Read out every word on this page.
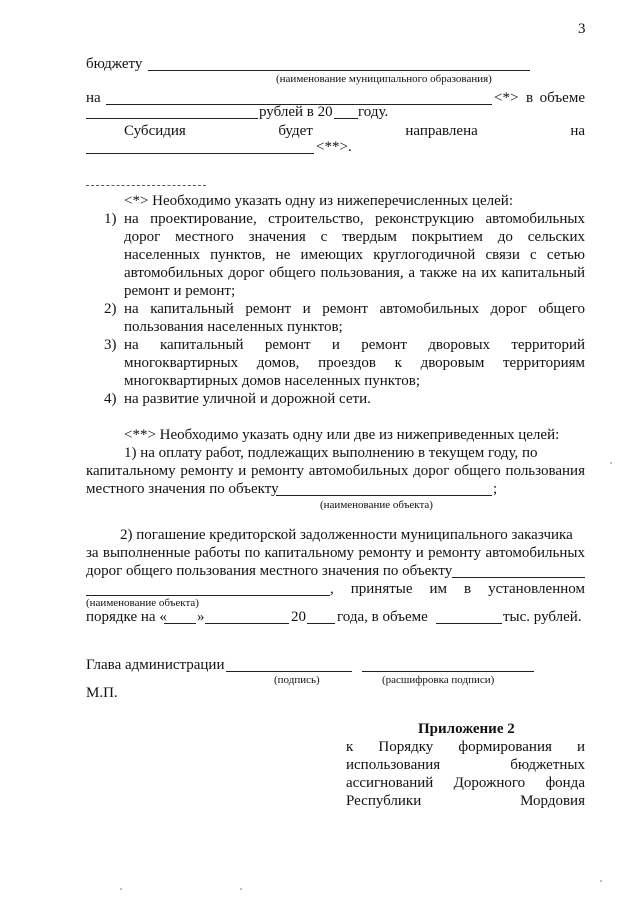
3
бюджету
(наименование муниципального образования)
на	<*> в объеме
рублей в 20 году.
Субсидия	будет	направлена	на
<**>.
<*> Необходимо указать одну из нижеперечисленных целей:
1) на проектирование, строительство, реконструкцию автомобильных
дорог местного значения с твердым покрытием до сельских
населенных пунктов, не имеющих круглогодичной связи с сетью
автомобильных дорог общего пользования, а также на их капитальный
ремонт и ремонт;
2) на капитальный ремонт и ремонт автомобильных дорог общего
пользования населенных пунктов;
3) на капитальный ремонт и ремонт дворовых территорий
многоквартирных домов, проездов к дворовым территориям
многоквартирных домов населенных пунктов;
4) на развитие уличной и дорожной сети.
<**> Необходимо указать одну или две из нижеприведенных целей:
1) на оплату работ, подлежащих выполнению в текущем году, по
капитальному ремонту и ремонту автомобильных дорог общего пользования
местного значения по объекту	;
(наименование объекта)
2) погашение кредиторской задолженности муниципального заказчика
за выполненные работы по капитальному ремонту и ремонту автомобильных
дорог общего пользования местного значения по объекту
, принятые им в установленном
(наименование объекта)
порядке на « »	20 года, в объеме	тыс. рублей.
Глава администрации
(подпись)	(расшифровка подписи)
М.П.
Приложение 2
к Порядку формирования и
использования	бюджетных
ассигнований Дорожного фонда
Республики	Мордовия
